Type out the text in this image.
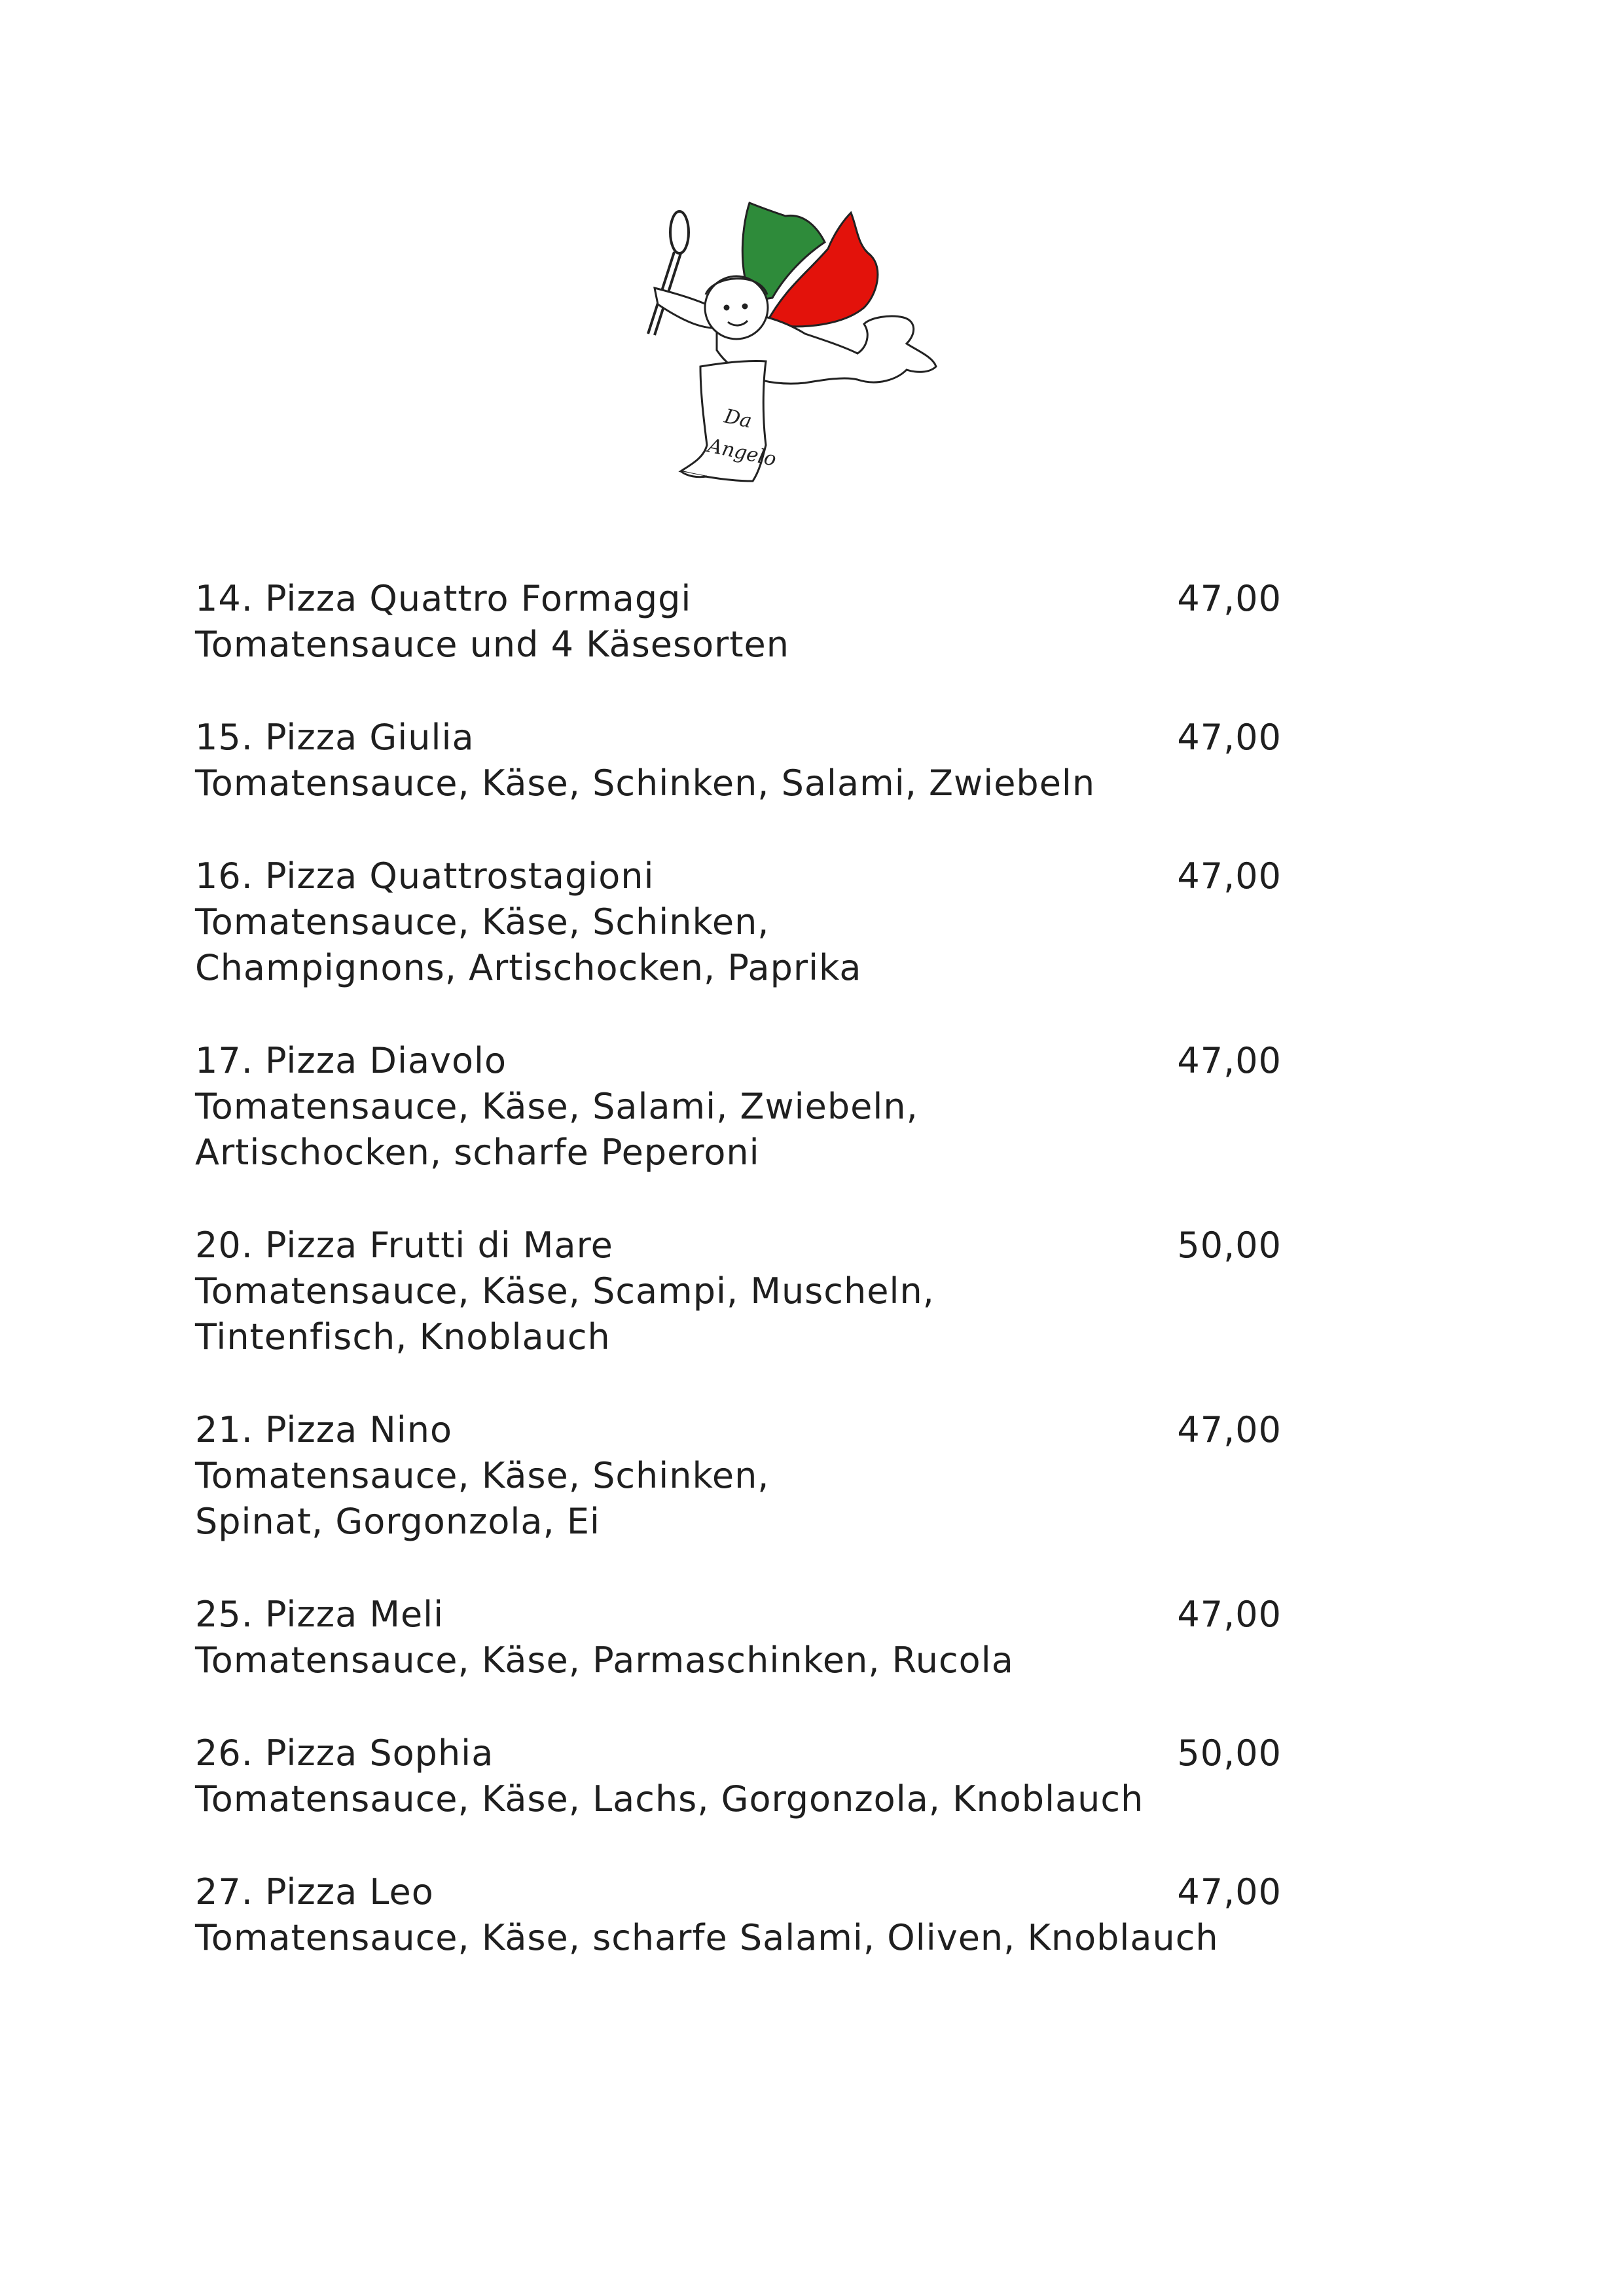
Da
Angelo
14. Pizza Quattro Formaggi	47,00
Tomatensauce und 4 Käsesorten
15. Pizza Giulia	47,00
Tomatensauce, Käse, Schinken, Salami, Zwiebeln
16. Pizza Quattrostagioni	47,00
Tomatensauce, Käse, Schinken,
Champignons, Artischocken, Paprika
17. Pizza Diavolo	47,00
Tomatensauce, Käse, Salami, Zwiebeln,
Artischocken, scharfe Peperoni
20. Pizza Frutti di Mare	50,00
Tomatensauce, Käse, Scampi, Muscheln,
Tintenfisch, Knoblauch
21. Pizza Nino	47,00
Tomatensauce, Käse, Schinken,
Spinat, Gorgonzola, Ei
25. Pizza Meli	47,00
Tomatensauce, Käse, Parmaschinken, Rucola
26. Pizza Sophia	50,00
Tomatensauce, Käse, Lachs, Gorgonzola, Knoblauch
27. Pizza Leo	47,00
Tomatensauce, Käse, scharfe Salami, Oliven, Knoblauch
